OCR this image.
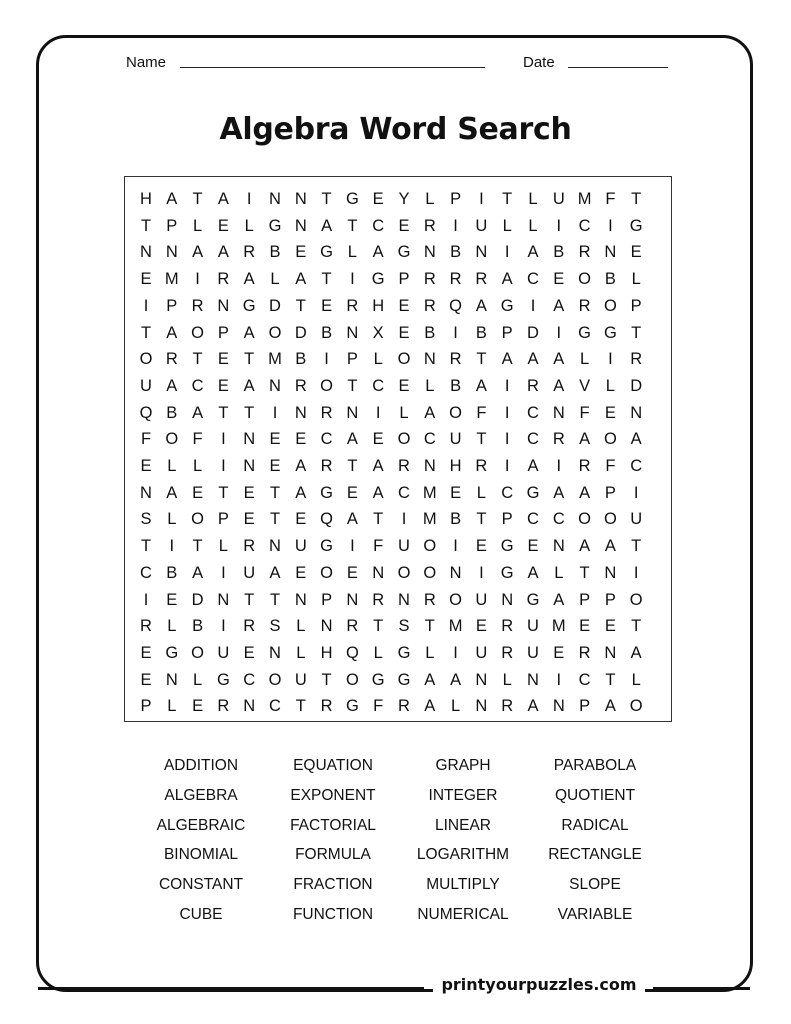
Name	Date
Algebra Word Search
H A T A	I	N N T G E Y L P	I	T L U M F T
T P L E L G N A T C E R	I	U L	L	I	C	I	G
N N A A R B E G L A G N B N	I	A B R N E
E M	I	R A L A T	I	G P R R R A C E O B L
I	P R N G D T E R H E R Q A G	I	A R O P
T A O P A O D B N X E B	I	B P D	I	G G T
O R T E T M B	I	P L O N R T A A A L	I	R
U A C E A N R O T C E L B A	I	R A V L D
Q B A T T	I	N R N	I	L A O F	I	C N F E N
F O F	I	N E E C A E O C U T	I	C R A O A
E L	L	I	N E A R T A R N H R	I	A	I	R F C
N A E T E T A G E A C M E L C G A A P	I
S L O P E T E Q A T	I	M B T P C C O O U
T	I	T L R N U G	I	F U O	I	E G E N A A T
C B A	I	U A E O E N O O N	I	G A L T N	I
I	E D N T T N P N R N R O U N G A P P O
R L B	I	R S L N R T S T M E R U M E E T
E G O U E N L H Q L G L	I	U R U E R N A
E N L G C O U T O G G A A N L N	I	C T L
P L E R N C T R G F R A L N R A N P A O
ADDITION	EQUATION	GRAPH	PARABOLA
ALGEBRA	EXPONENT	INTEGER	QUOTIENT
ALGEBRAIC	FACTORIAL	LINEAR	RADICAL
BINOMIAL	FORMULA	LOGARITHM	RECTANGLE
CONSTANT	FRACTION	MULTIPLY	SLOPE
CUBE	FUNCTION	NUMERICAL	VARIABLE
printyourpuzzles.com
